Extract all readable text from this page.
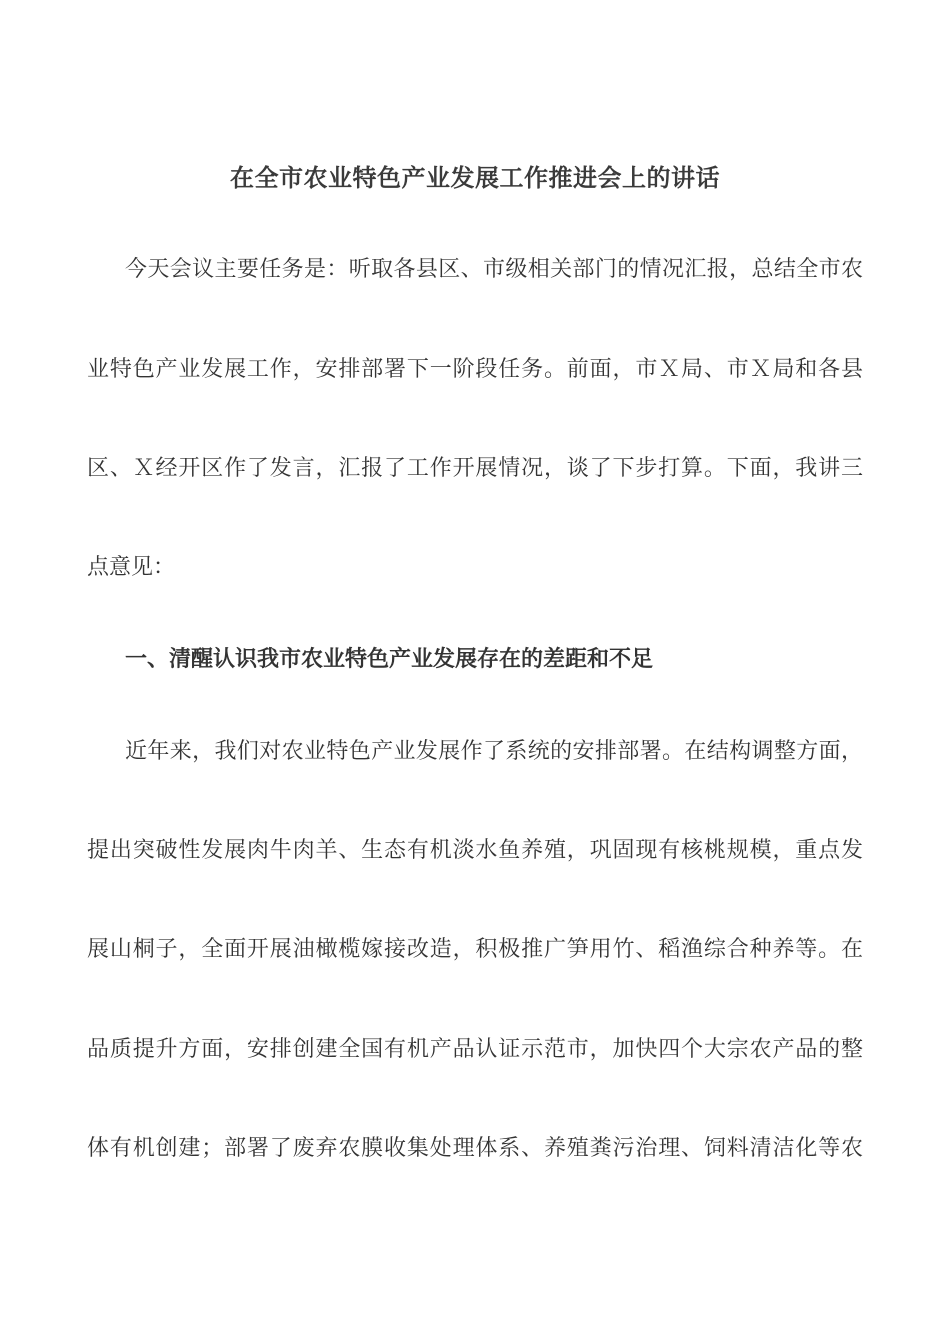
在全市农业特色产业发展工作推进会上的讲话
今天会议主要任务是：听取各县区、市级相关部门的情况汇报，总结全市农
业特色产业发展工作，安排部署下一阶段任务。前面，市Ｘ局、市Ｘ局和各县
区、Ｘ经开区作了发言，汇报了工作开展情况，谈了下步打算。下面，我讲三
点意见：
一、清醒认识我市农业特色产业发展存在的差距和不足
近年来，我们对农业特色产业发展作了系统的安排部署。在结构调整方面，
提出突破性发展肉牛肉羊、生态有机淡水鱼养殖，巩固现有核桃规模，重点发
展山桐子，全面开展油橄榄嫁接改造，积极推广笋用竹、稻渔综合种养等。在
品质提升方面，安排创建全国有机产品认证示范市，加快四个大宗农产品的整
体有机创建；部署了废弃农膜收集处理体系、养殖粪污治理、饲料清洁化等农
